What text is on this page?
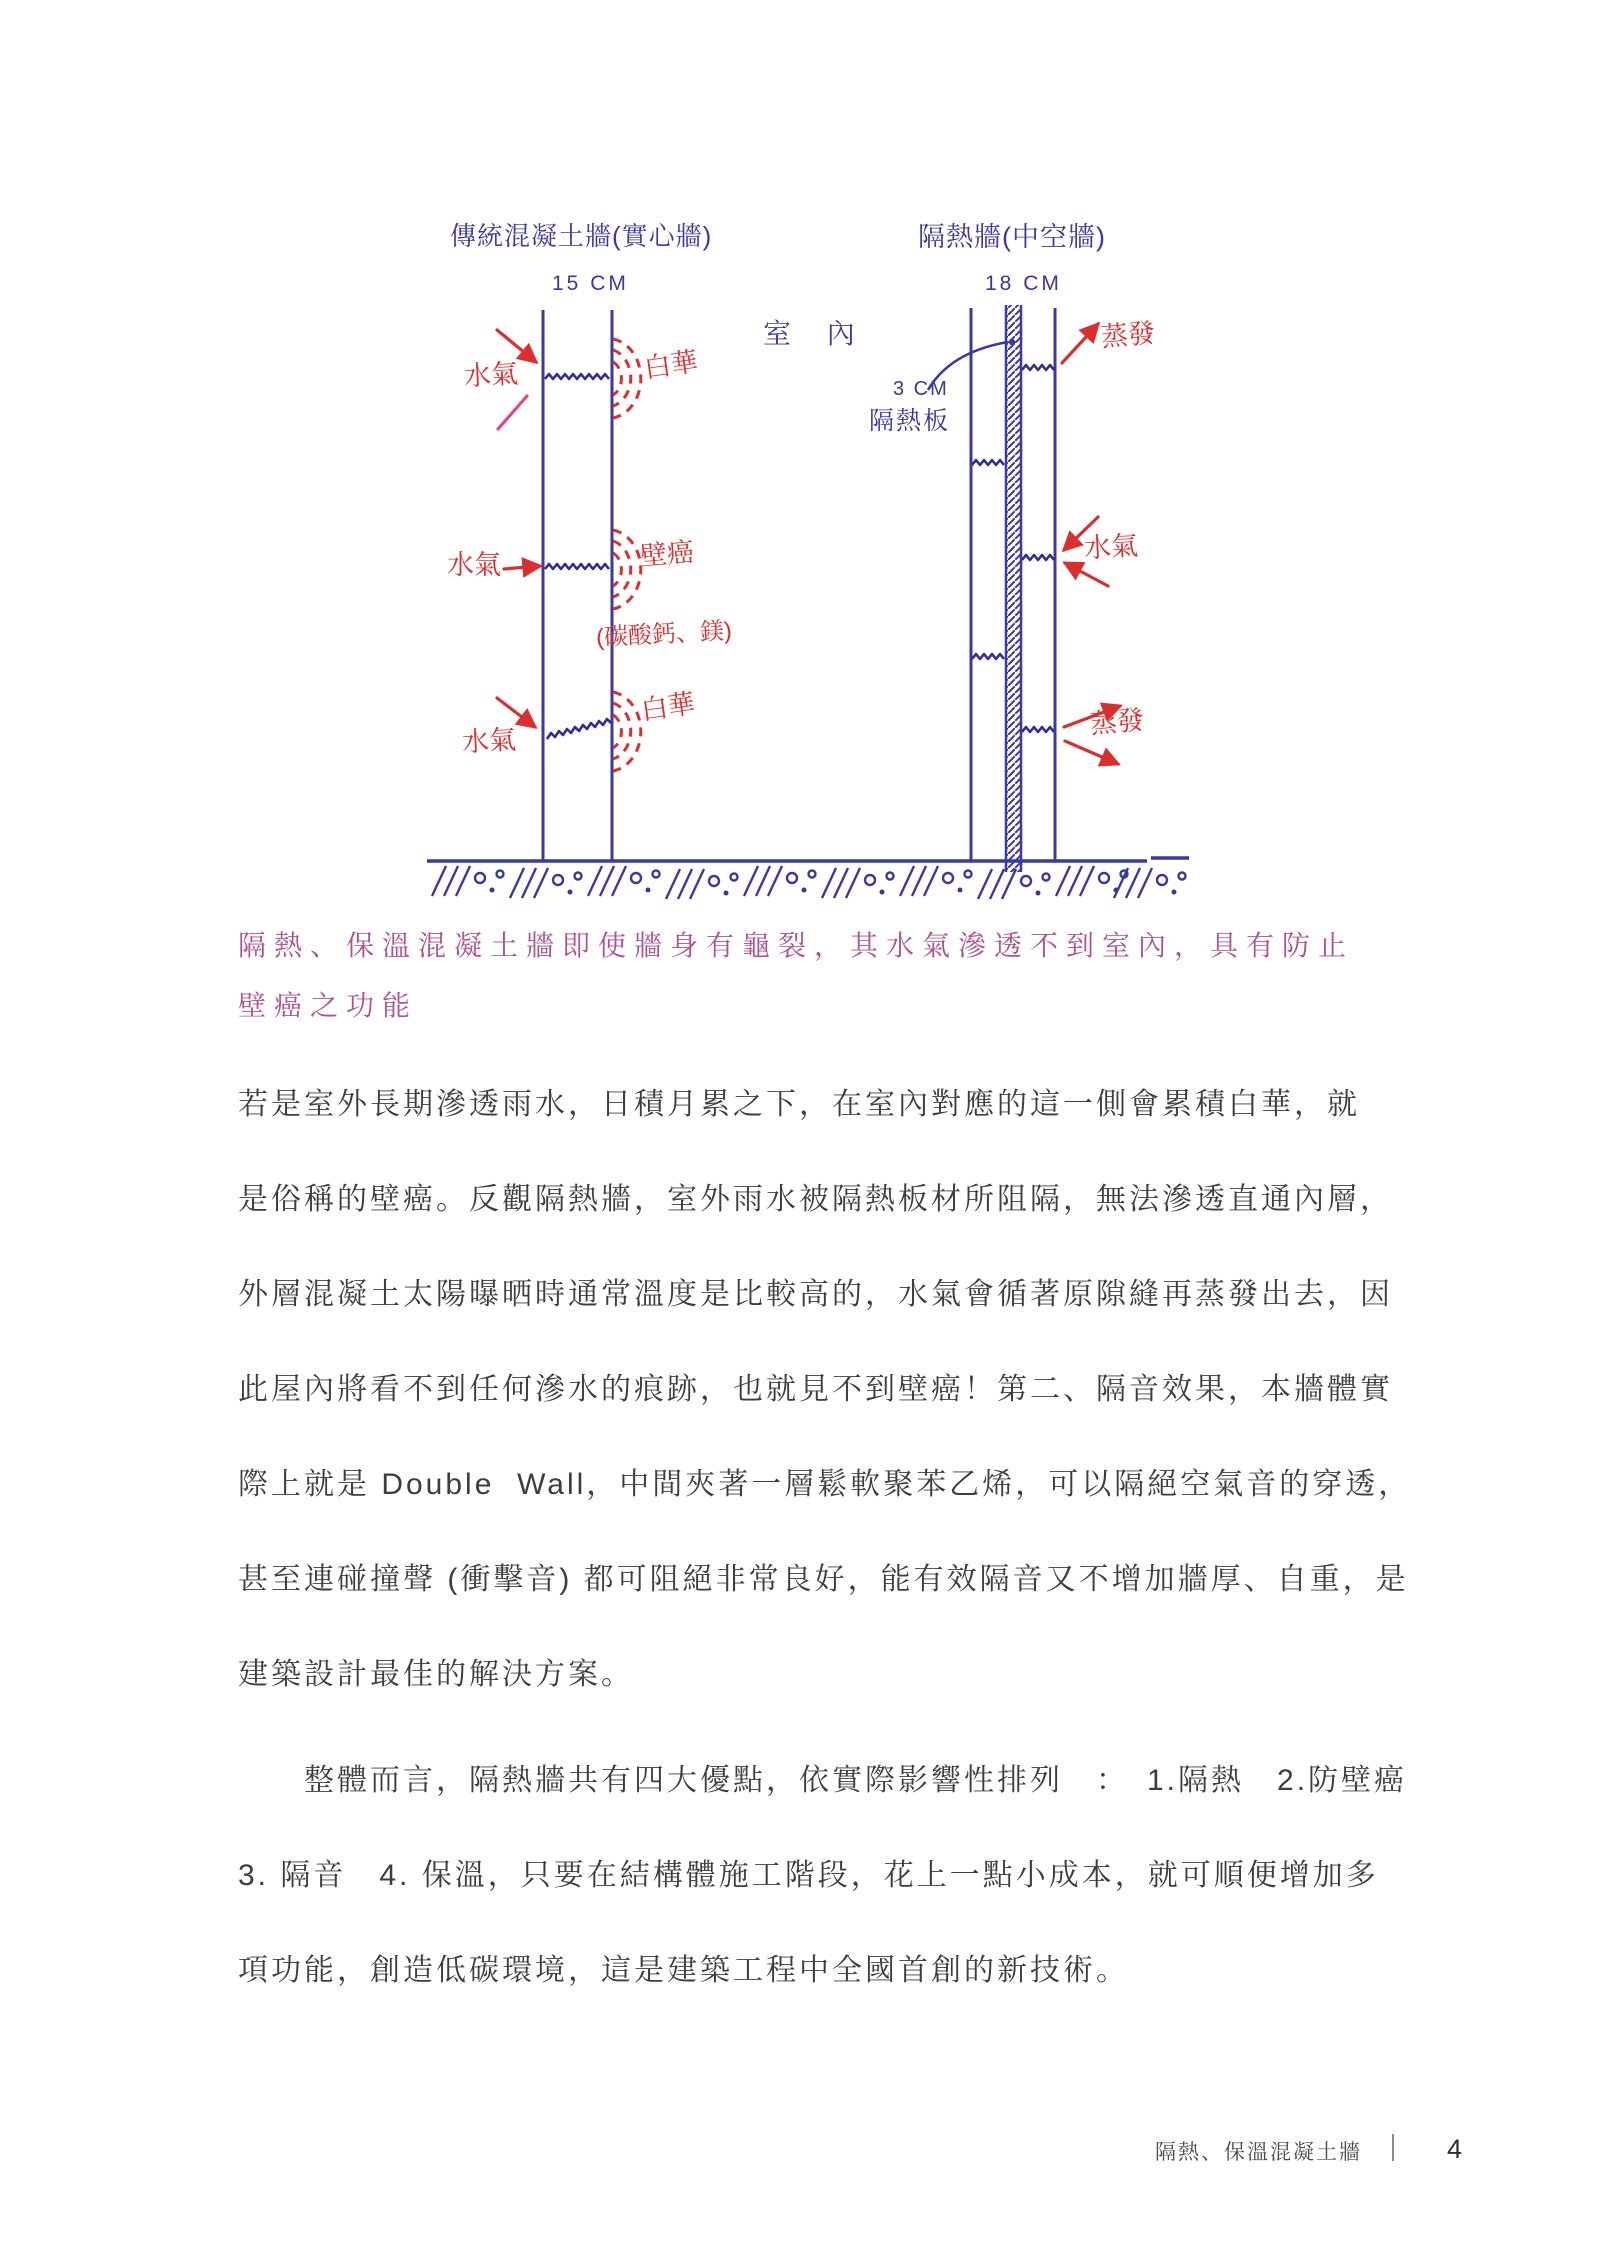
傳統混凝土牆(實心牆)
15 CM
隔熱牆(中空牆)
18 CM
室 內
3 CM
隔熱板
水氣	白華
水氣	壁癌
(碳酸鈣、鎂)
水氣
白華
蒸發
水氣
蒸發
隔熱、保溫混凝土牆即使牆身有龜裂，其水氣滲透不到室內，具有防止
壁癌之功能
若是室外長期滲透雨水，日積月累之下，在室內對應的這一側會累積白華，就
是俗稱的壁癌。反觀隔熱牆，室外雨水被隔熱板材所阻隔，無法滲透直通內層，
外層混凝土太陽曝晒時通常溫度是比較高的，水氣會循著原隙縫再蒸發出去，因
此屋內將看不到任何滲水的痕跡，也就見不到壁癌！第二、隔音效果，本牆體實
際上就是 Double  Wall，中間夾著一層鬆軟聚苯乙烯，可以隔絕空氣音的穿透，
甚至連碰撞聲 (衝擊音) 都可阻絕非常良好，能有效隔音又不增加牆厚、自重，是
建築設計最佳的解決方案。
　　整體而言，隔熱牆共有四大優點，依實際影響性排列　：　1.隔熱　2.防壁癌
3. 隔音　4. 保溫，只要在結構體施工階段，花上一點小成本，就可順便增加多
項功能，創造低碳環境，這是建築工程中全國首創的新技術。
隔熱、保溫混凝土牆	4
